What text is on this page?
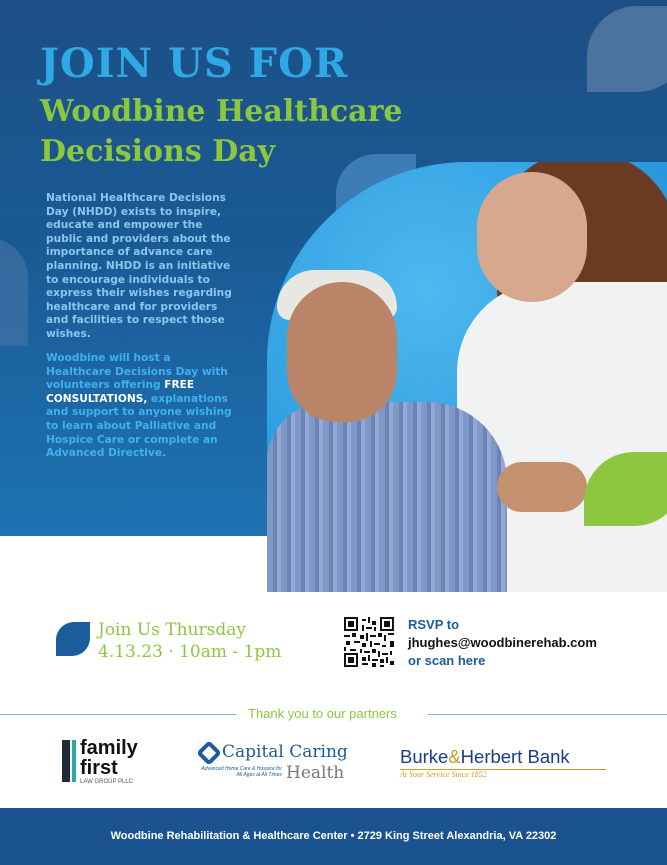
JOIN US FOR
Woodbine Healthcare Decisions Day
National Healthcare Decisions Day (NHDD) exists to inspire, educate and empower the public and providers about the importance of advance care planning. NHDD is an initiative to encourage individuals to express their wishes regarding healthcare and for providers and facilities to respect those wishes.
Woodbine will host a Healthcare Decisions Day with volunteers offering FREE CONSULTATIONS, explanations and support to anyone wishing to learn about Palliative and Hospice Care or complete an Advanced Directive.
Join Us Thursday
4.13.23 · 10am - 1pm
RSVP to
jhughes@woodbinerehab.com
or scan here
Thank you to our partners
family
first
LAW GROUP PLLC
Capital Caring
Advanced Home Care & Hospice for All Ages at All Times Health
Burke&Herbert Bank
At Your Service Since 1852
Woodbine Rehabilitation & Healthcare Center • 2729 King Street Alexandria, VA 22302
